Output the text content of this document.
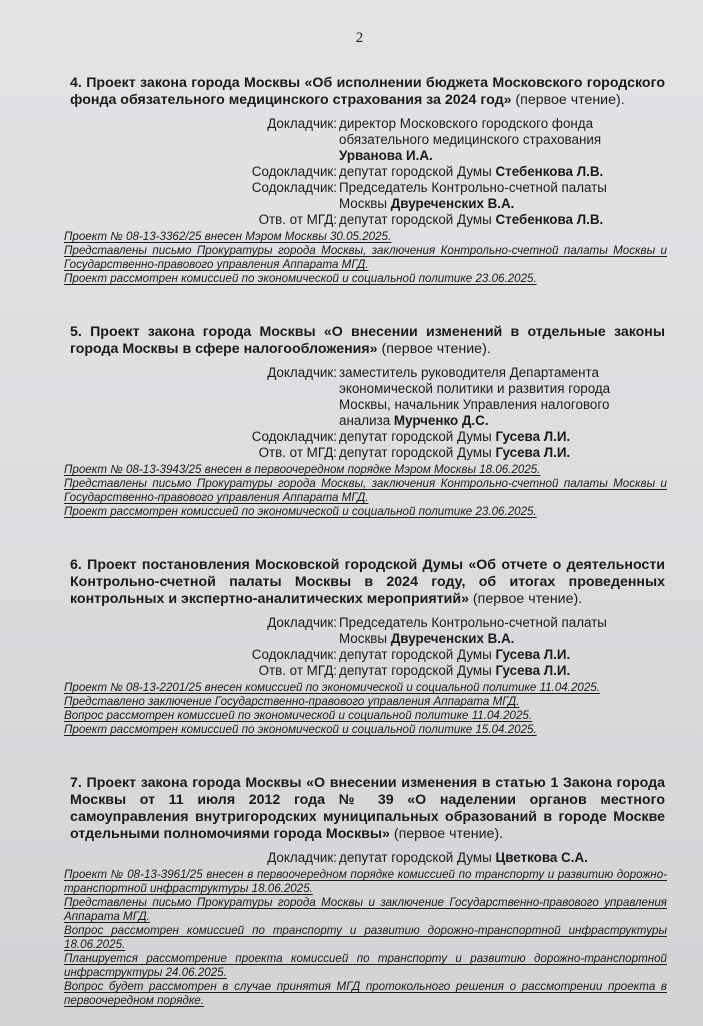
2
4. Проект закона города Москвы «Об исполнении бюджета Московского городского фонда обязательного медицинского страхования за 2024 год» (первое чтение).
Докладчик: директор Московского городского фонда обязательного медицинского страхования Урванова И.А.
Содокладчик: депутат городской Думы Стебенкова Л.В.
Содокладчик: Председатель Контрольно-счетной палаты Москвы Двуреченских В.А.
Отв. от МГД: депутат городской Думы Стебенкова Л.В.
Проект № 08-13-3362/25 внесен Мэром Москвы 30.05.2025.
Представлены письмо Прокуратуры города Москвы, заключения Контрольно-счетной палаты Москвы и Государственно-правового управления Аппарата МГД.
Проект рассмотрен комиссией по экономической и социальной политике 23.06.2025.
5. Проект закона города Москвы «О внесении изменений в отдельные законы города Москвы в сфере налогообложения» (первое чтение).
Докладчик: заместитель руководителя Департамента экономической политики и развития города Москвы, начальник Управления налогового анализа Мурченко Д.С.
Содокладчик: депутат городской Думы Гусева Л.И.
Отв. от МГД: депутат городской Думы Гусева Л.И.
Проект № 08-13-3943/25 внесен в первоочередном порядке Мэром Москвы 18.06.2025.
Представлены письмо Прокуратуры города Москвы, заключения Контрольно-счетной палаты Москвы и Государственно-правового управления Аппарата МГД.
Проект рассмотрен комиссией по экономической и социальной политике 23.06.2025.
6. Проект постановления Московской городской Думы «Об отчете о деятельности Контрольно-счетной палаты Москвы в 2024 году, об итогах проведенных контрольных и экспертно-аналитических мероприятий» (первое чтение).
Докладчик: Председатель Контрольно-счетной палаты Москвы Двуреченских В.А.
Содокладчик: депутат городской Думы Гусева Л.И.
Отв. от МГД: депутат городской Думы Гусева Л.И.
Проект № 08-13-2201/25 внесен комиссией по экономической и социальной политике 11.04.2025.
Представлено заключение Государственно-правового управления Аппарата МГД.
Вопрос рассмотрен комиссией по экономической и социальной политике 11.04.2025.
Проект рассмотрен комиссией по экономической и социальной политике 15.04.2025.
7. Проект закона города Москвы «О внесении изменения в статью 1 Закона города Москвы от 11 июля 2012 года № 39 «О наделении органов местного самоуправления внутригородских муниципальных образований в городе Москве отдельными полномочиями города Москвы» (первое чтение).
Докладчик: депутат городской Думы Цветкова С.А.
Проект № 08-13-3961/25 внесен в первоочередном порядке комиссией по транспорту и развитию дорожно-транспортной инфраструктуры 18.06.2025.
Представлены письмо Прокуратуры города Москвы и заключение Государственно-правового управления Аппарата МГД.
Вопрос рассмотрен комиссией по транспорту и развитию дорожно-транспортной инфраструктуры 18.06.2025.
Планируется рассмотрение проекта комиссией по транспорту и развитию дорожно-транспортной инфраструктуры 24.06.2025.
Вопрос будет рассмотрен в случае принятия МГД протокольного решения о рассмотрении проекта в первоочередном порядке.
